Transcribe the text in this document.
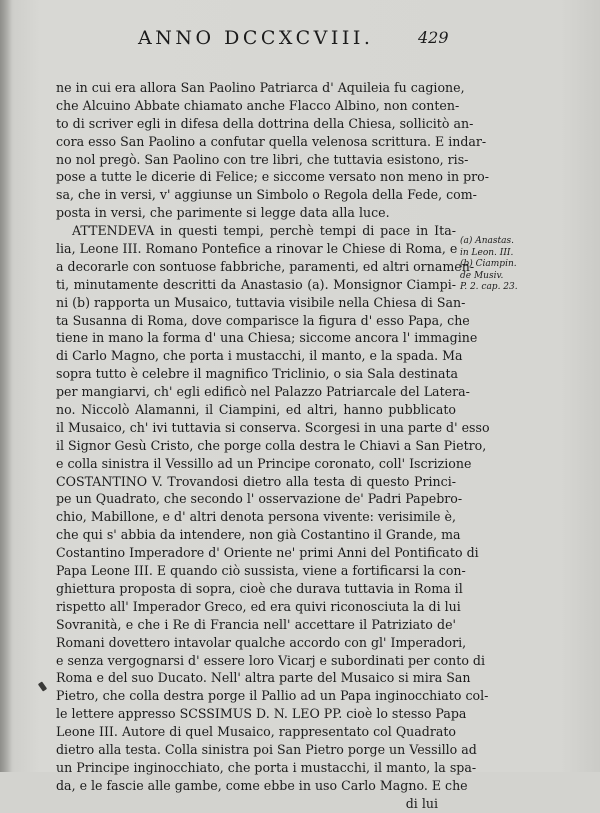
ANNO DCCXCVIII.	429
ne in cui era allora San Paolino Patriarca d' Aquileia fu cagione,
che Alcuino Abbate chiamato anche Flacco Albino, non conten-
to di scriver egli in difesa della dottrina della Chiesa, sollicitò an-
cora esso San Paolino a confutar quella velenosa scrittura. E indar-
no nol pregò. San Paolino con tre libri, che tuttavia esistono, ris-
pose a tutte le dicerie di Felice; e siccome versato non meno in pro-
sa, che in versi, v' aggiunse un Simbolo o Regola della Fede, com-
posta in versi, che parimente si legge data alla luce.
ATTENDEVA in questi tempi, perchè tempi di pace in Ita-
lia, Leone III. Romano Pontefice a rinovar le Chiese di Roma, e
a decorarle con sontuose fabbriche, paramenti, ed altri ornamen-
ti, minutamente descritti da Anastasio (a). Monsignor Ciampi-
ni (b) rapporta un Musaico, tuttavia visibile nella Chiesa di San-
ta Susanna di Roma, dove comparisce la figura d' esso Papa, che
tiene in mano la forma d' una Chiesa; siccome ancora l' immagine
di Carlo Magno, che porta i mustacchi, il manto, e la spada. Ma
sopra tutto è celebre il magnifico Triclinio, o sia Sala destinata
per mangiarvi, ch' egli edificò nel Palazzo Patriarcale del Latera-
no. Niccolò Alamanni, il Ciampini, ed altri, hanno pubblicato
il Musaico, ch' ivi tuttavia si conserva. Scorgesi in una parte d' esso
il Signor Gesù Cristo, che porge colla destra le Chiavi a San Pietro,
e colla sinistra il Vessillo ad un Principe coronato, coll' Iscrizione
COSTANTINO V. Trovandosi dietro alla testa di questo Princi-
pe un Quadrato, che secondo l' osservazione de' Padri Papebro-
chio, Mabillone, e d' altri denota persona vivente: verisimile è,
che qui s' abbia da intendere, non già Costantino il Grande, ma
Costantino Imperadore d' Oriente ne' primi Anni del Pontificato di
Papa Leone III. E quando ciò sussista, viene a fortificarsi la con-
ghiettura proposta di sopra, cioè che durava tuttavia in Roma il
rispetto all' Imperador Greco, ed era quivi riconosciuta la di lui
Sovranità, e che i Re di Francia nell' accettare il Patriziato de'
Romani dovettero intavolar qualche accordo con gl' Imperadori,
e senza vergognarsi d' essere loro Vicarj e subordinati per conto di
Roma e del suo Ducato. Nell' altra parte del Musaico si mira San
Pietro, che colla destra porge il Pallio ad un Papa inginocchiato col-
le lettere appresso SCSSIMUS D. N. LEO PP. cioè lo stesso Papa
Leone III. Autore di quel Musaico, rappresentato col Quadrato
dietro alla testa. Colla sinistra poi San Pietro porge un Vessillo ad
un Principe inginocchiato, che porta i mustacchi, il manto, la spa-
da, e le fascie alle gambe, come ebbe in uso Carlo Magno. E che
di lui
(a) Anastas.
in Leon. III.
(b) Ciampin.
de Musiv.
P. 2. cap. 23.
